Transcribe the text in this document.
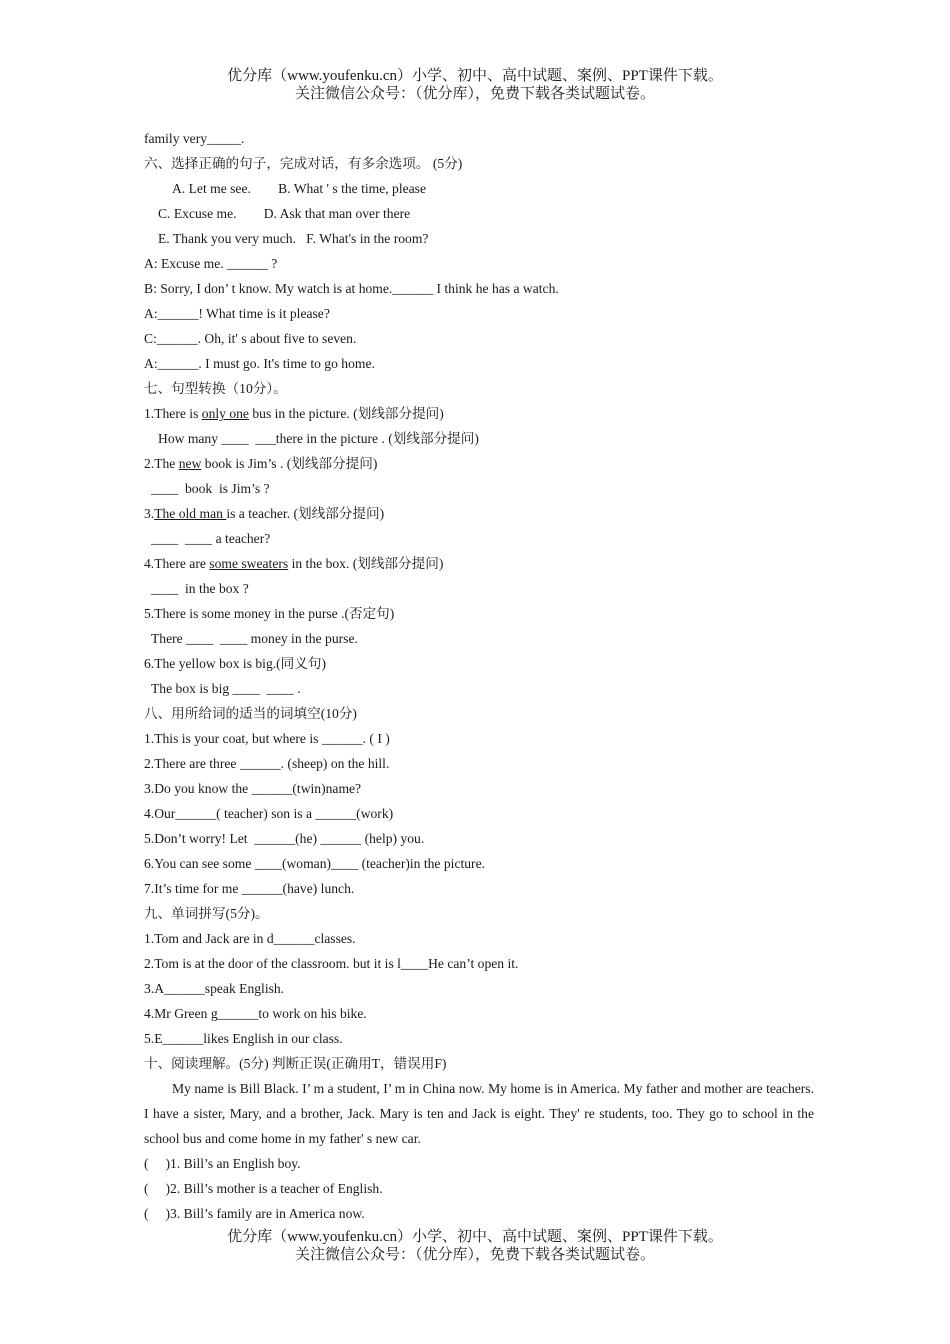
优分库（www.youfenku.cn）小学、初中、高中试题、案例、PPT课件下载。
关注微信公众号：（优分库），免费下载各类试题试卷。
family very_____.
六、选择正确的句子，完成对话，有多余选项。 (5分)
A. Let me see.        B. What ' s the time, please
C. Excuse me.        D. Ask that man over there
E. Thank you very much.   F. What's in the room?
A: Excuse me. ______ ?
B: Sorry, I don’ t know. My watch is at home.______ I think he has a watch.
A:______! What time is it please?
C:______. Oh, it' s about five to seven.
A:______. I must go. It's time to go home.
七、句型转换（10分）。
1.There is only one bus in the picture. (划线部分提问)
How many ____  ___there in the picture . (划线部分提问)
2.The new book is Jim’s . (划线部分提问)
____  book  is Jim’s ?
3.The old man is a teacher. (划线部分提问)
____  ____ a teacher?
4.There are some sweaters in the box. (划线部分提问)
____  in the box ?
5.There is some money in the purse .(否定句)
There ____  ____ money in the purse.
6.The yellow box is big.(同义句)
The box is big ____  ____ .
八、用所给词的适当的词填空(10分)
1.This is your coat, but where is ______. ( I )
2.There are three ______. (sheep) on the hill.
3.Do you know the ______(twin)name?
4.Our______( teacher) son is a ______(work)
5.Don’t worry! Let  ______(he) ______ (help) you.
6.You can see some ____(woman)____ (teacher)in the picture.
7.It’s time for me ______(have) lunch.
九、单词拼写(5分)。
1.Tom and Jack are in d______classes.
2.Tom is at the door of the classroom. but it is l____He can’t open it.
3.A______speak English.
4.Mr Green g______to work on his bike.
5.E______likes English in our class.
十、阅读理解。(5分) 判断正误(正确用T，错误用F)
My name is Bill Black. I’ m a student, I’ m in China now. My home is in America. My father and mother are teachers. I have a sister, Mary, and a brother, Jack. Mary is ten and Jack is eight. They' re students, too. They go to school in the school bus and come home in my father' s new car.
(     )1. Bill’s an English boy.
(     )2. Bill’s mother is a teacher of English.
(     )3. Bill’s family are in America now.
优分库（www.youfenku.cn）小学、初中、高中试题、案例、PPT课件下载。
关注微信公众号：（优分库），免费下载各类试题试卷。
